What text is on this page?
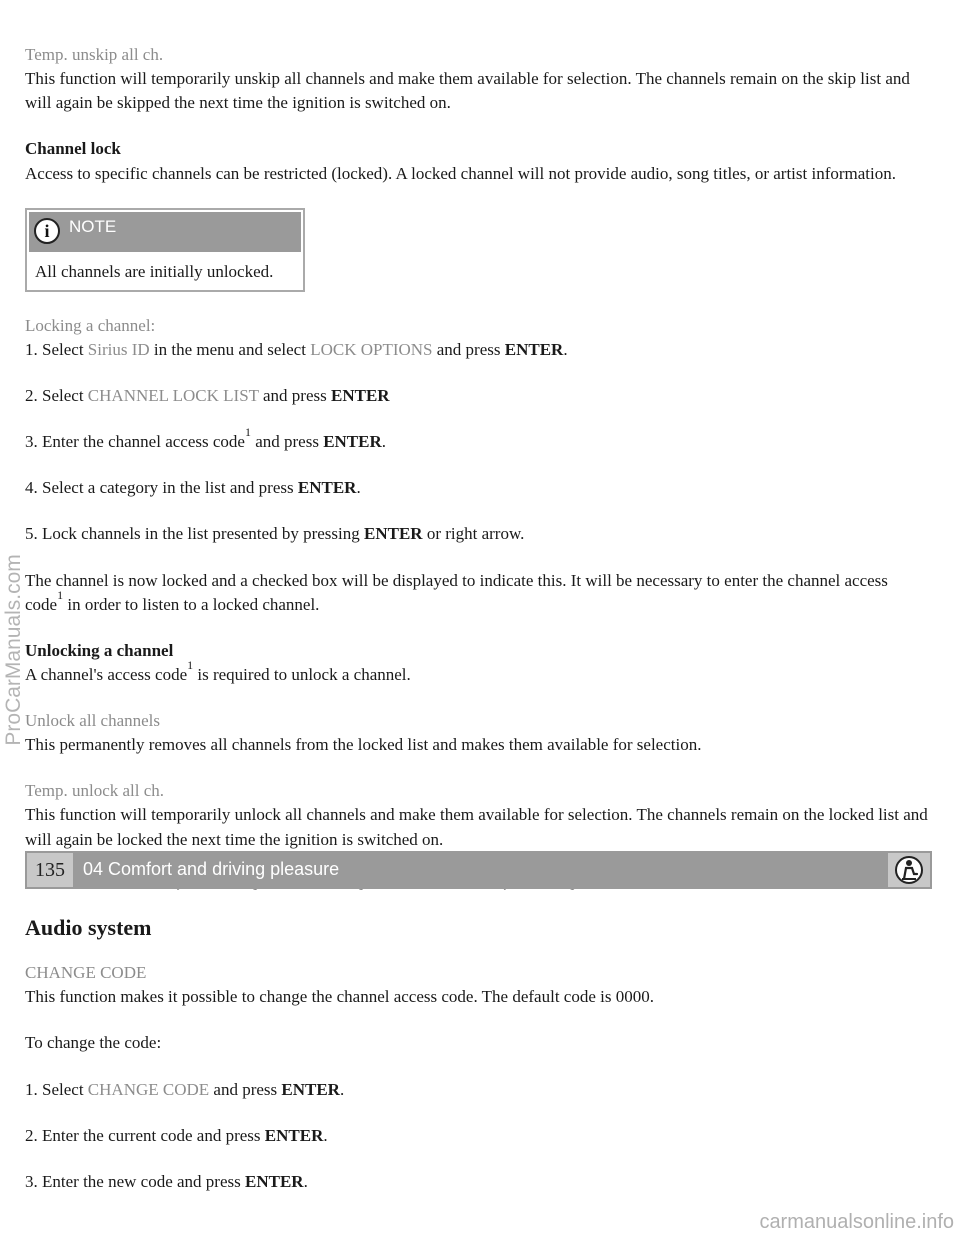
Temp. unskip all ch.

This function will temporarily unskip all channels and make them available for selection. The channels remain on the skip list and will again be skipped the next time the ignition is switched on.

Channel lock

Access to specific channels can be restricted (locked). A locked channel will not provide audio, song titles, or artist information.

i	NOTE

All channels are initially unlocked.

Locking a channel:

1. Select Sirius ID in the menu and select LOCK OPTIONS and press ENTER.

2. Select CHANNEL LOCK LIST and press ENTER

3. Enter the channel access code$^1$ and press ENTER.

4. Select a category in the list and press ENTER.

5. Lock channels in the list presented by pressing ENTER or right arrow.

The channel is now locked and a checked box will be displayed to indicate this. It will be necessary to enter the channel access code$^1$ in order to listen to a locked channel.

Unlocking a channel

A channel's access code$^1$ is required to unlock a channel.

Unlock all channels

This permanently removes all channels from the locked list and makes them available for selection.

Temp. unlock all ch.

This function will temporarily unlock all channels and make them available for selection. The channels remain on the locked list and will again be locked the next time the ignition is switched on.

135	04 Comfort and driving pleasure
Audio system

CHANGE CODE

This function makes it possible to change the channel access code. The default code is 0000.

To change the code:

1. Select CHANGE CODE and press ENTER.

2. Enter the current code and press ENTER.

3. Enter the new code and press ENTER.

ProCarManuals.com
carmanualsonline.info
